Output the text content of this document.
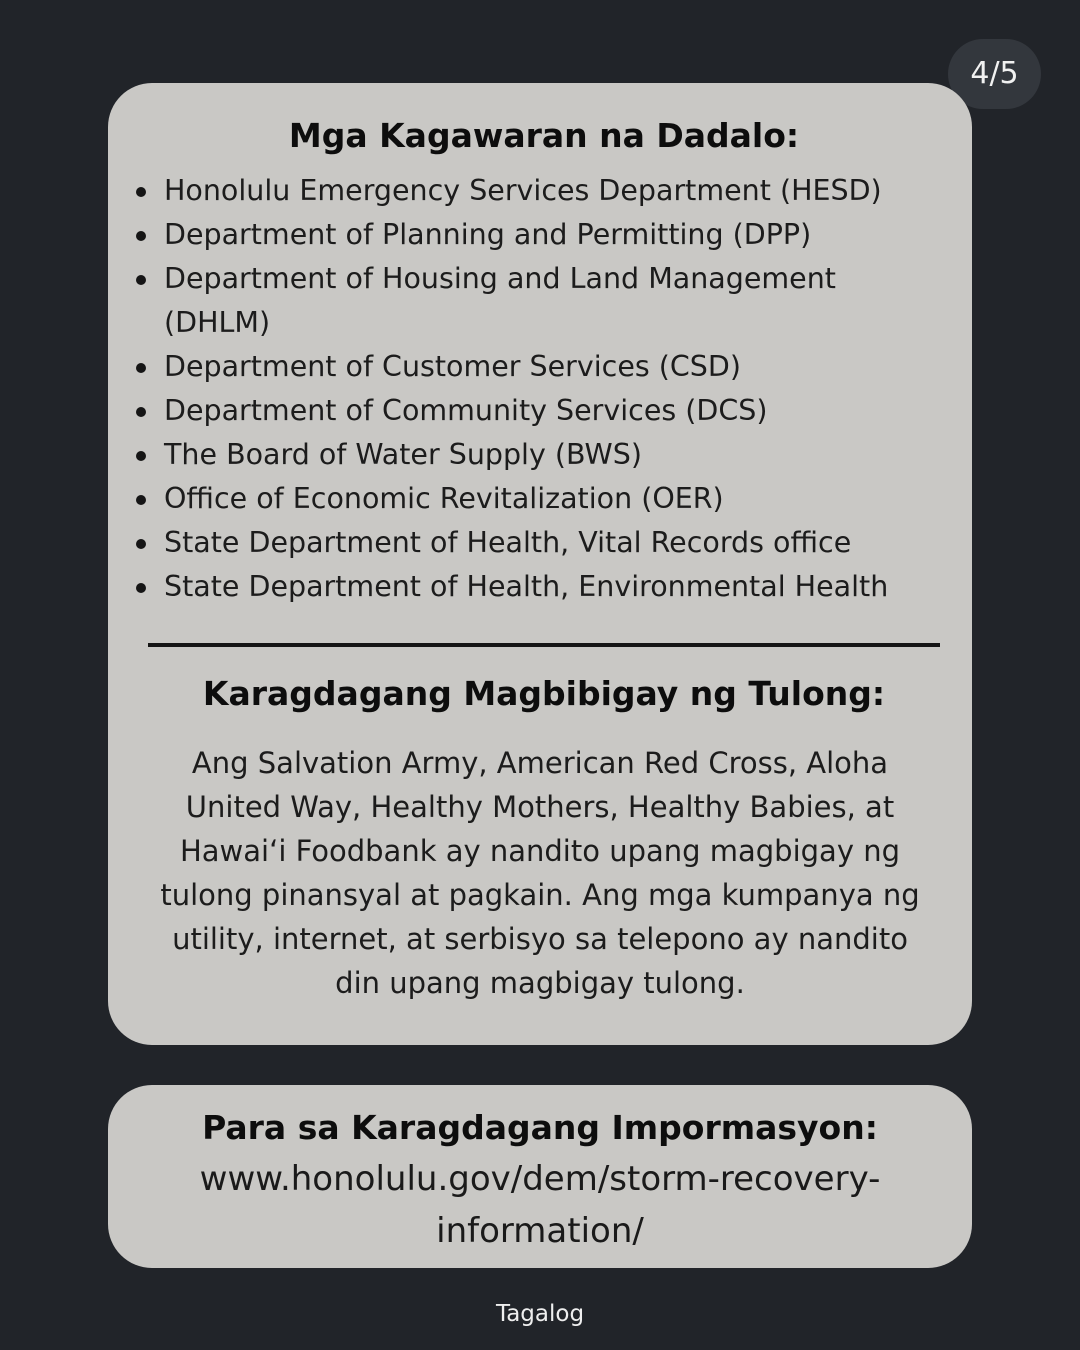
4/5
Mga Kagawaran na Dadalo:
Honolulu Emergency Services Department (HESD)
Department of Planning and Permitting (DPP)
Department of Housing and Land Management
(DHLM)
Department of Customer Services (CSD)
Department of Community Services (DCS)
The Board of Water Supply (BWS)
Office of Economic Revitalization (OER)
State Department of Health, Vital Records office
State Department of Health, Environmental Health
Karagdagang Magbibigay ng Tulong:
Ang Salvation Army, American Red Cross, Aloha
United Way, Healthy Mothers, Healthy Babies, at
Hawai‘i Foodbank ay nandito upang magbigay ng
tulong pinansyal at pagkain. Ang mga kumpanya ng
utility, internet, at serbisyo sa telepono ay nandito
din upang magbigay tulong.
Para sa Karagdagang Impormasyon:
www.honolulu.gov/dem/storm-recovery-
information/
Tagalog
